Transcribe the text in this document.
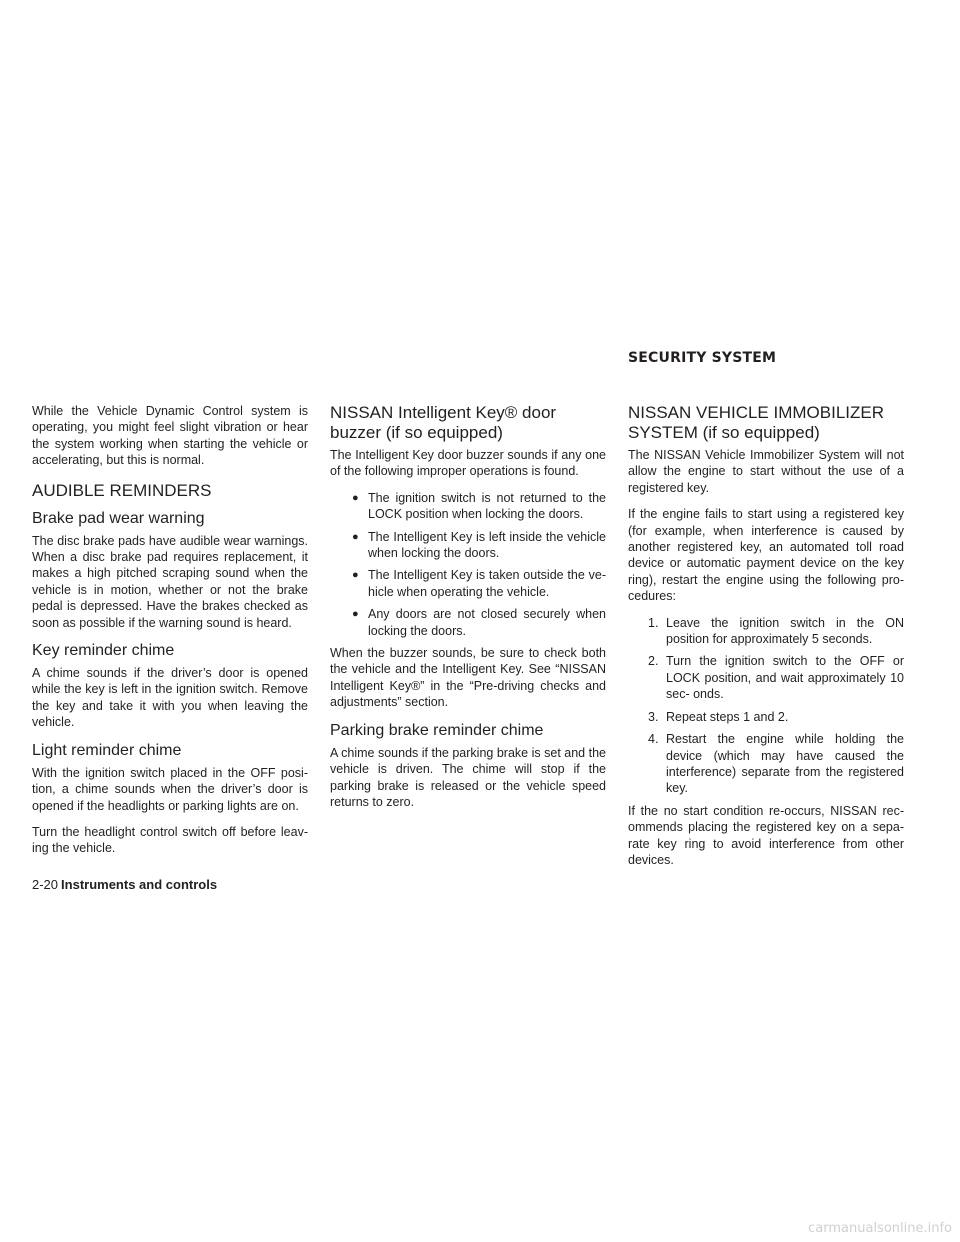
SECURITY SYSTEM

While the Vehicle Dynamic Control system is operating, you might feel slight vibration or hear the system working when starting the vehicle or accelerating, but this is normal.

AUDIBLE REMINDERS
Brake pad wear warning

The disc brake pads have audible wear warnings. When a disc brake pad requires replacement, it makes a high pitched scraping sound when the vehicle is in motion, whether or not the brake pedal is depressed. Have the brakes checked as soon as possible if the warning sound is heard.

Key reminder chime

A chime sounds if the driver’s door is opened while the key is left in the ignition switch. Remove the key and take it with you when leaving the vehicle.

Light reminder chime

With the ignition switch placed in the OFF posi- tion, a chime sounds when the driver’s door is opened if the headlights or parking lights are on.

Turn the headlight control switch off before leav- ing the vehicle.

NISSAN Intelligent Key® door buzzer (if so equipped)

The Intelligent Key door buzzer sounds if any one of the following improper operations is found.

● The ignition switch is not returned to the LOCK position when locking the doors.
● The Intelligent Key is left inside the vehicle when locking the doors.
● The Intelligent Key is taken outside the ve- hicle when operating the vehicle.
● Any doors are not closed securely when locking the doors.

When the buzzer sounds, be sure to check both the vehicle and the Intelligent Key. See “NISSAN Intelligent Key®” in the “Pre-driving checks and adjustments” section.

Parking brake reminder chime

A chime sounds if the parking brake is set and the vehicle is driven. The chime will stop if the parking brake is released or the vehicle speed returns to zero.

NISSAN VEHICLE IMMOBILIZER SYSTEM (if so equipped)

The NISSAN Vehicle Immobilizer System will not allow the engine to start without the use of a registered key.

If the engine fails to start using a registered key (for example, when interference is caused by another registered key, an automated toll road device or automatic payment device on the key ring), restart the engine using the following pro- cedures:

1. Leave the ignition switch in the ON position for approximately 5 seconds.
2. Turn the ignition switch to the OFF or LOCK position, and wait approximately 10 sec- onds.
3. Repeat steps 1 and 2.
4. Restart the engine while holding the device (which may have caused the interference) separate from the registered key.

If the no start condition re-occurs, NISSAN rec- ommends placing the registered key on a sepa- rate key ring to avoid interference from other devices.

2-20 Instruments and controls
carmanualsonline.info
